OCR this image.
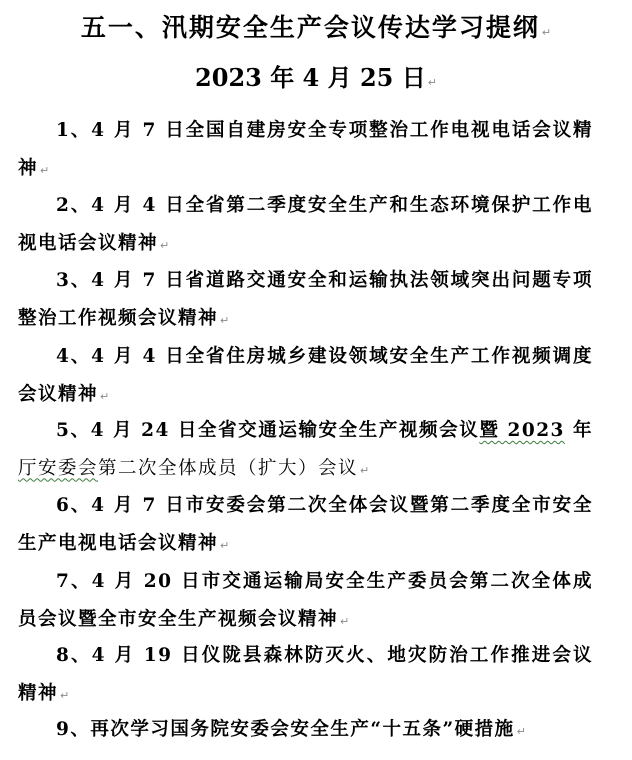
五一、汛期安全生产会议传达学习提纲 ↵
2023 年 4 月 25 日 ↵
1、4 月 7 日全国自建房安全专项整治工作电视电话会议精神 ↵
2、4 月 4 日全省第二季度安全生产和生态环境保护工作电视电话会议精神 ↵
3、4 月 7 日省道路交通安全和运输执法领域突出问题专项整治工作视频会议精神 ↵
4、4 月 4 日全省住房城乡建设领域安全生产工作视频调度会议精神 ↵
5、4 月 24 日全省交通运输安全生产视频会议暨 2023 年厅安委会第二次全体成员（扩大）会议 ↵
6、4 月 7 日市安委会第二次全体会议暨第二季度全市安全生产电视电话会议精神 ↵
7、4 月 20 日市交通运输局安全生产委员会第二次全体成员会议暨全市安全生产视频会议精神 ↵
8、4 月 19 日仪陇县森林防灭火、地灾防治工作推进会议精神 ↵
9、再次学习国务院安委会安全生产“十五条”硬措施 ↵
